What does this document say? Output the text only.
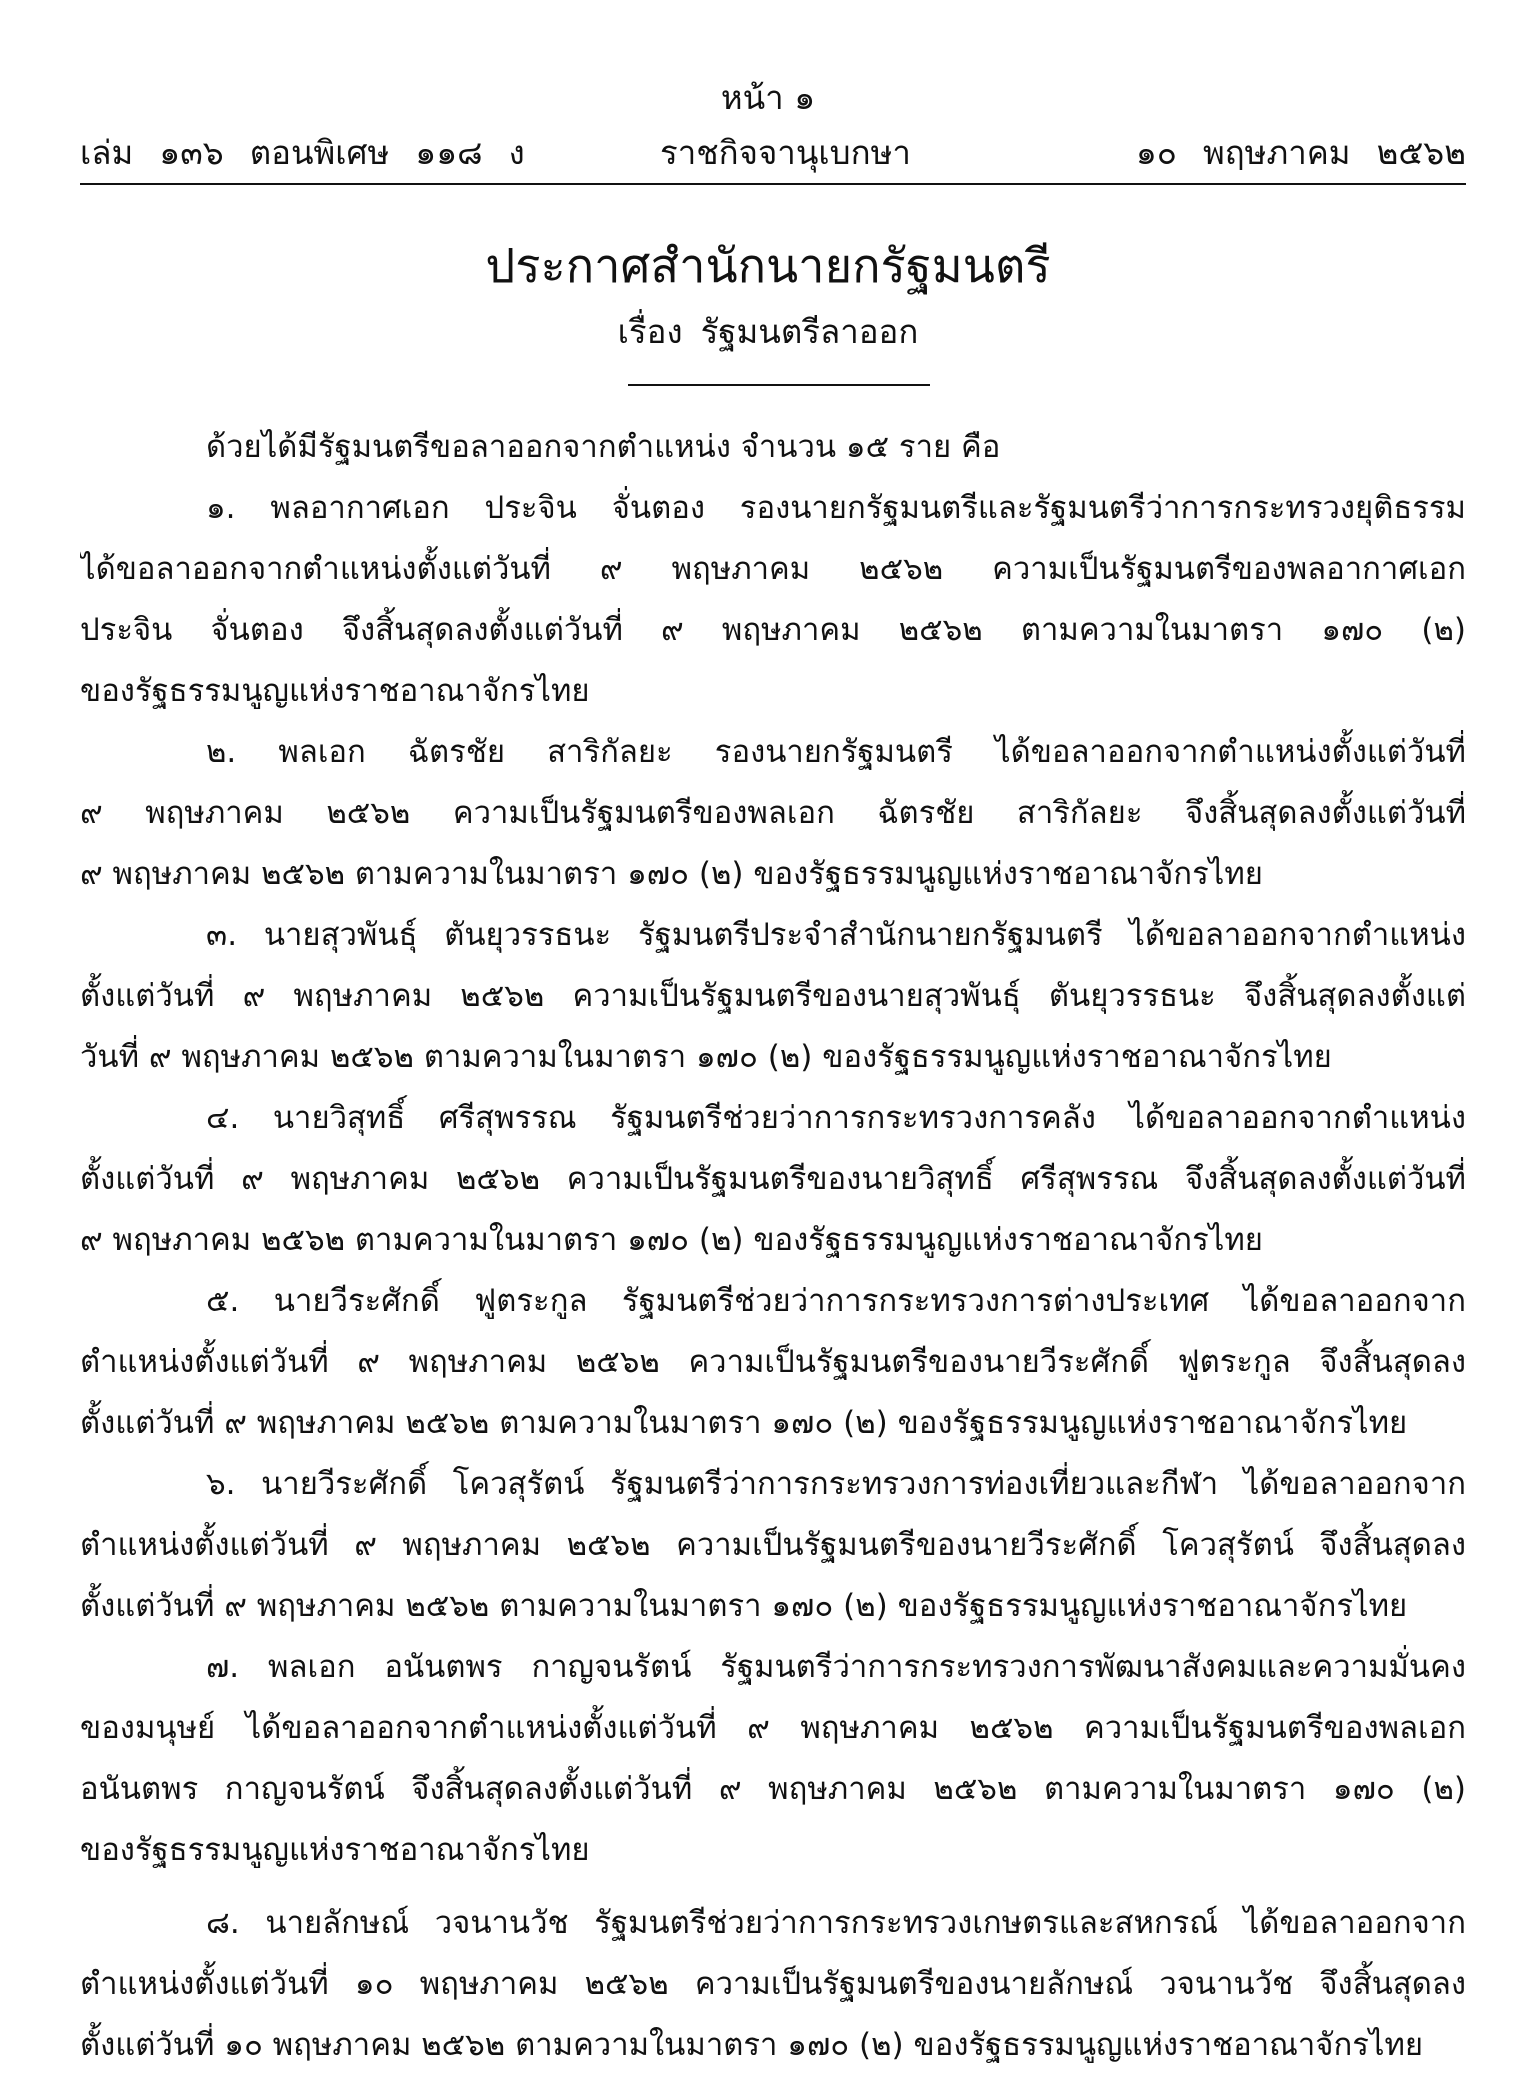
หน้า ๑
เล่ม ๑๓๖ ตอนพิเศษ ๑๑๘ ง	ราชกิจจานุเบกษา	๑๐ พฤษภาคม ๒๕๖๒
ประกาศสำนักนายกรัฐมนตรี
เรื่อง รัฐมนตรีลาออก
ด้วยได้มีรัฐมนตรีขอลาออกจากตำแหน่ง จำนวน ๑๕ ราย คือ
๑. พลอากาศเอก ประจิน จั่นตอง รองนายกรัฐมนตรีและรัฐมนตรีว่าการกระทรวงยุติธรรม
ได้ขอลาออกจากตำแหน่งตั้งแต่วันที่ ๙ พฤษภาคม ๒๕๖๒ ความเป็นรัฐมนตรีของพลอากาศเอก
ประจิน จั่นตอง จึงสิ้นสุดลงตั้งแต่วันที่ ๙ พฤษภาคม ๒๕๖๒ ตามความในมาตรา ๑๗๐ (๒)
ของรัฐธรรมนูญแห่งราชอาณาจักรไทย
๒. พลเอก ฉัตรชัย สาริกัลยะ รองนายกรัฐมนตรี ได้ขอลาออกจากตำแหน่งตั้งแต่วันที่
๙ พฤษภาคม ๒๕๖๒ ความเป็นรัฐมนตรีของพลเอก ฉัตรชัย สาริกัลยะ จึงสิ้นสุดลงตั้งแต่วันที่
๙ พฤษภาคม ๒๕๖๒ ตามความในมาตรา ๑๗๐ (๒) ของรัฐธรรมนูญแห่งราชอาณาจักรไทย
๓. นายสุวพันธุ์ ตันยุวรรธนะ รัฐมนตรีประจำสำนักนายกรัฐมนตรี ได้ขอลาออกจากตำแหน่ง
ตั้งแต่วันที่ ๙ พฤษภาคม ๒๕๖๒ ความเป็นรัฐมนตรีของนายสุวพันธุ์ ตันยุวรรธนะ จึงสิ้นสุดลงตั้งแต่
วันที่ ๙ พฤษภาคม ๒๕๖๒ ตามความในมาตรา ๑๗๐ (๒) ของรัฐธรรมนูญแห่งราชอาณาจักรไทย
๔. นายวิสุทธิ์ ศรีสุพรรณ รัฐมนตรีช่วยว่าการกระทรวงการคลัง ได้ขอลาออกจากตำแหน่ง
ตั้งแต่วันที่ ๙ พฤษภาคม ๒๕๖๒ ความเป็นรัฐมนตรีของนายวิสุทธิ์ ศรีสุพรรณ จึงสิ้นสุดลงตั้งแต่วันที่
๙ พฤษภาคม ๒๕๖๒ ตามความในมาตรา ๑๗๐ (๒) ของรัฐธรรมนูญแห่งราชอาณาจักรไทย
๕. นายวีระศักดิ์ ฟูตระกูล รัฐมนตรีช่วยว่าการกระทรวงการต่างประเทศ ได้ขอลาออกจาก
ตำแหน่งตั้งแต่วันที่ ๙ พฤษภาคม ๒๕๖๒ ความเป็นรัฐมนตรีของนายวีระศักดิ์ ฟูตระกูล จึงสิ้นสุดลง
ตั้งแต่วันที่ ๙ พฤษภาคม ๒๕๖๒ ตามความในมาตรา ๑๗๐ (๒) ของรัฐธรรมนูญแห่งราชอาณาจักรไทย
๖. นายวีระศักดิ์ โควสุรัตน์ รัฐมนตรีว่าการกระทรวงการท่องเที่ยวและกีฬา ได้ขอลาออกจาก
ตำแหน่งตั้งแต่วันที่ ๙ พฤษภาคม ๒๕๖๒ ความเป็นรัฐมนตรีของนายวีระศักดิ์ โควสุรัตน์ จึงสิ้นสุดลง
ตั้งแต่วันที่ ๙ พฤษภาคม ๒๕๖๒ ตามความในมาตรา ๑๗๐ (๒) ของรัฐธรรมนูญแห่งราชอาณาจักรไทย
๗. พลเอก อนันตพร กาญจนรัตน์ รัฐมนตรีว่าการกระทรวงการพัฒนาสังคมและความมั่นคง
ของมนุษย์ ได้ขอลาออกจากตำแหน่งตั้งแต่วันที่ ๙ พฤษภาคม ๒๕๖๒ ความเป็นรัฐมนตรีของพลเอก
อนันตพร กาญจนรัตน์ จึงสิ้นสุดลงตั้งแต่วันที่ ๙ พฤษภาคม ๒๕๖๒ ตามความในมาตรา ๑๗๐ (๒)
ของรัฐธรรมนูญแห่งราชอาณาจักรไทย
๘. นายลักษณ์ วจนานวัช รัฐมนตรีช่วยว่าการกระทรวงเกษตรและสหกรณ์ ได้ขอลาออกจาก
ตำแหน่งตั้งแต่วันที่ ๑๐ พฤษภาคม ๒๕๖๒ ความเป็นรัฐมนตรีของนายลักษณ์ วจนานวัช จึงสิ้นสุดลง
ตั้งแต่วันที่ ๑๐ พฤษภาคม ๒๕๖๒ ตามความในมาตรา ๑๗๐ (๒) ของรัฐธรรมนูญแห่งราชอาณาจักรไทย
